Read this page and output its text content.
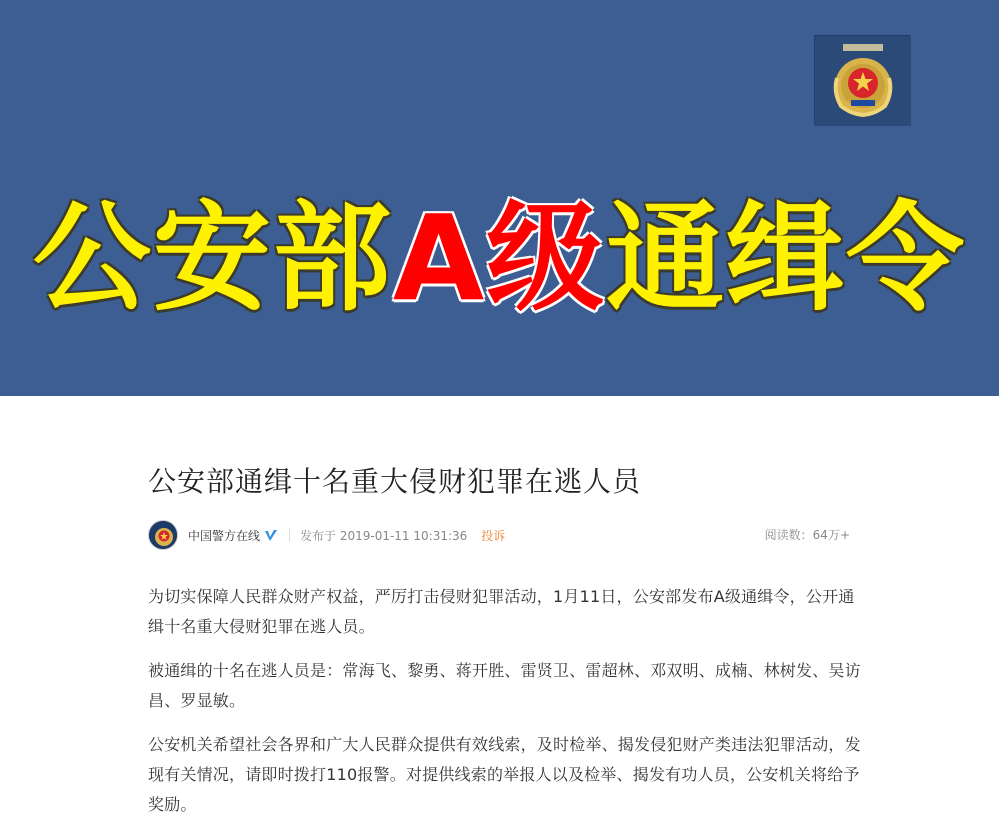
公安部A级通缉令
公安部通缉十名重大侵财犯罪在逃人员
中国警方在线	发布于 2019-01-11 10:31:36 投诉	阅读数：64万+

为切实保障人民群众财产权益，严厉打击侵财犯罪活动，1月11日，公安部发布A级通缉令，公开通缉十名重大侵财犯罪在逃人员。

被通缉的十名在逃人员是：常海飞、黎勇、蒋开胜、雷贤卫、雷超林、邓双明、成楠、林树发、吴访昌、罗显敏。

公安机关希望社会各界和广大人民群众提供有效线索，及时检举、揭发侵犯财产类违法犯罪活动，发现有关情况，请即时拨打110报警。对提供线索的举报人以及检举、揭发有功人员，公安机关将给予奖励。
